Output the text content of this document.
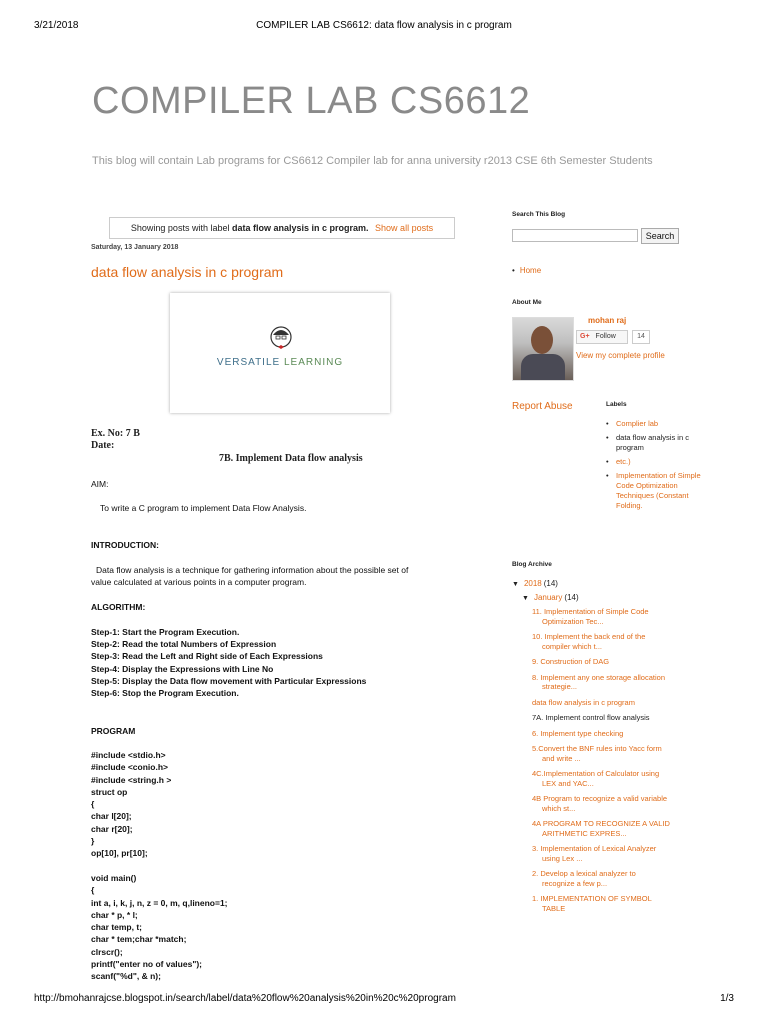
3/21/2018	COMPILER LAB CS6612: data flow analysis in c program
COMPILER LAB CS6612
This blog will contain Lab programs for CS6612 Compiler lab for anna university r2013 CSE 6th Semester Students
Showing posts with label data flow analysis in c program. Show all posts
Saturday, 13 January 2018
data flow analysis in c program
VERSATILE LEARNING
Ex. No: 7 B
Date:
7B. Implement Data flow analysis
AIM:
To write a C program to implement Data Flow Analysis.
INTRODUCTION:
Data flow analysis is a technique for gathering information about the possible set of
value calculated at various points in a computer program.
ALGORITHM:
Step-1: Start the Program Execution.
Step-2: Read the total Numbers of Expression
Step-3: Read the Left and Right side of Each Expressions
Step-4: Display the Expressions with Line No
Step-5: Display the Data flow movement with Particular Expressions
Step-6: Stop the Program Execution.
PROGRAM
#include <stdio.h>
#include <conio.h>
#include <string.h >
struct op
{
char l[20];
char r[20];
}
op[10], pr[10];
void main()
{
int a, i, k, j, n, z = 0, m, q,lineno=1;
char * p, * l;
char temp, t;
char * tem;char *match;
clrscr();
printf("enter no of values");
scanf("%d", & n);
Search This Blog
Search
• Home
About Me
mohan raj
G+ Follow	14
View my complete profile
Report Abuse	Labels
• Complier lab
• data flow analysis in c program
• etc.)
• Implementation of Simple Code Optimization Techniques (Constant Folding.
Blog Archive
▼ 2018 (14)
▼ January (14)
11. Implementation of Simple Code
Optimization Tec...
10. Implement the back end of the
compiler which t...
9. Construction of DAG
8. Implement any one storage allocation
strategie...
data flow analysis in c program
7A. Implement control flow analysis
6. Implement type checking
5.Convert the BNF rules into Yacc form
and write ...
4C.Implementation of Calculator using
LEX and YAC...
4B Program to recognize a valid variable
which st...
4A PROGRAM TO RECOGNIZE A VALID
ARITHMETIC EXPRES...
3. Implementation of Lexical Analyzer
using Lex ...
2. Develop a lexical analyzer to
recognize a few p...
1. IMPLEMENTATION OF SYMBOL
TABLE
http://bmohanrajcse.blogspot.in/search/label/data%20flow%20analysis%20in%20c%20program	1/3
